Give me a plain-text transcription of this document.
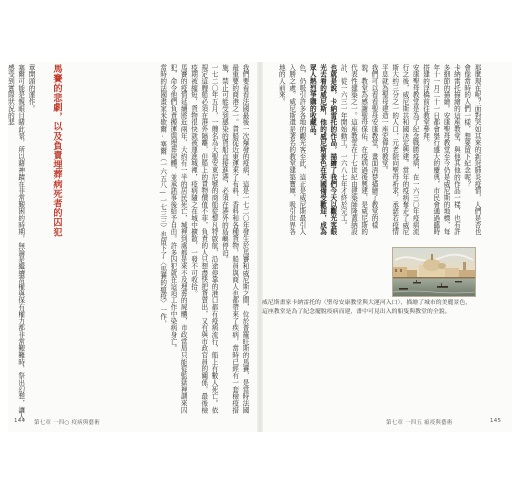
章開頭的運作。
塞爾可能是親眼目睹此景，所以藉神蹟在非常艱困的時期，無論是繼續當權與保有權力都非常艱難時，祭出幻想，讓人感受到實際狀況的悲	馬賽的悲劇，以及負責埋葬病死者的囚犯	我們要看看法國最後一次爆發的疫病，這是一七二〇年發生於馬賽和威尼斯之間，位於普羅旺斯的馬賽，是當時法國最重要的商港之一。貨船從近東運來了布料、香料和各種貨物，船員與商人也都帶來了疾病，當時已經有一套檢疫措施，禁止可能受到感染的貨船直接進港，必須在港外的島嶼停泊。
一七二〇年五月，一艘名為大聖安東尼號的商船從黎凡特啟航，沿途停靠的港口都有疫病流行，船上有數人死亡。依規定這艘船必須在港外隔離，但船上的貨物價值不菲，負責的人只想盡快把貨賣出，又有與市政官員的關係，最後檢疫期被縮短，貨物很快就被運進城裡，疫病隨之在城中擴散，一發不可收拾。
馬賽的疫情延續將近兩年，大約有一半的居民死亡，城裡到處都是來不及埋葬的屍體，市政當局只能從監獄裡調來囚犯，命令他們負責搬運與埋葬屍體，並承諾事後給予自由。許多囚犯就在這項工作中染病身亡。
當時的法國畫家米歇爾·塞爾（一六五八—一七三三）也留下了〈馬賽的瘟疫〉一作，
144 第七章 一四○ 疫病與藝術
那麼現在呢？面對突如其來的新冠肺炎疫情，人們是否也會像當時的人們一樣，想要留下紀念呢？
卡納雷托描繪的這座教堂，與他其他的作品一樣，也有許多細節的描繪。安康聖母教堂至今仍是威尼斯的地標，每年十一月二十一日都會舉行盛大的慶典，市民會通過臨時搭建的浮橋前往教堂參拜。
安康聖母教堂是為了紀念戰勝疫病，在一六三〇年疫病流行之後，威尼斯共和國決定興建。當年的疫病奪走了威尼斯大約三分之一的人口，元老院向聖母祈求，承諾若疫情平息就為聖母建造一座宏偉的教堂。
我們可以看看聖母安康教堂，畫面清楚描繪了教堂的樣貌，教堂為感謝聖母保佑，在疫病過後興建，是威尼斯的代表性建築之一。這座教堂在十七世紀由建築師隆蓋納設計，從一六三一年開始動工，一六八七年才終於完工。
也就是說，卡納雷托的作品，描繪了我們今天以觀光客眼光去看的威尼斯，他的威尼斯景色在英國備受歡迎，成為眾人熱烈爭購的收藏品。
色，仍吸引許多各地的觀光客至此，這正是威尼斯最引人入勝之處。威尼斯還是著名的教堂建築寶庫，吸引世界各地的人前來。
威尼斯畫家卡納雷托的〈聖母安康教堂與大運河入口〉，描繪了城市的美麗景色，這座教堂是為了紀念擺脫疫病而建，畫中可見出入的船隻與教堂的全貌。
第七章 一四五 瘟疫與藝術	145
